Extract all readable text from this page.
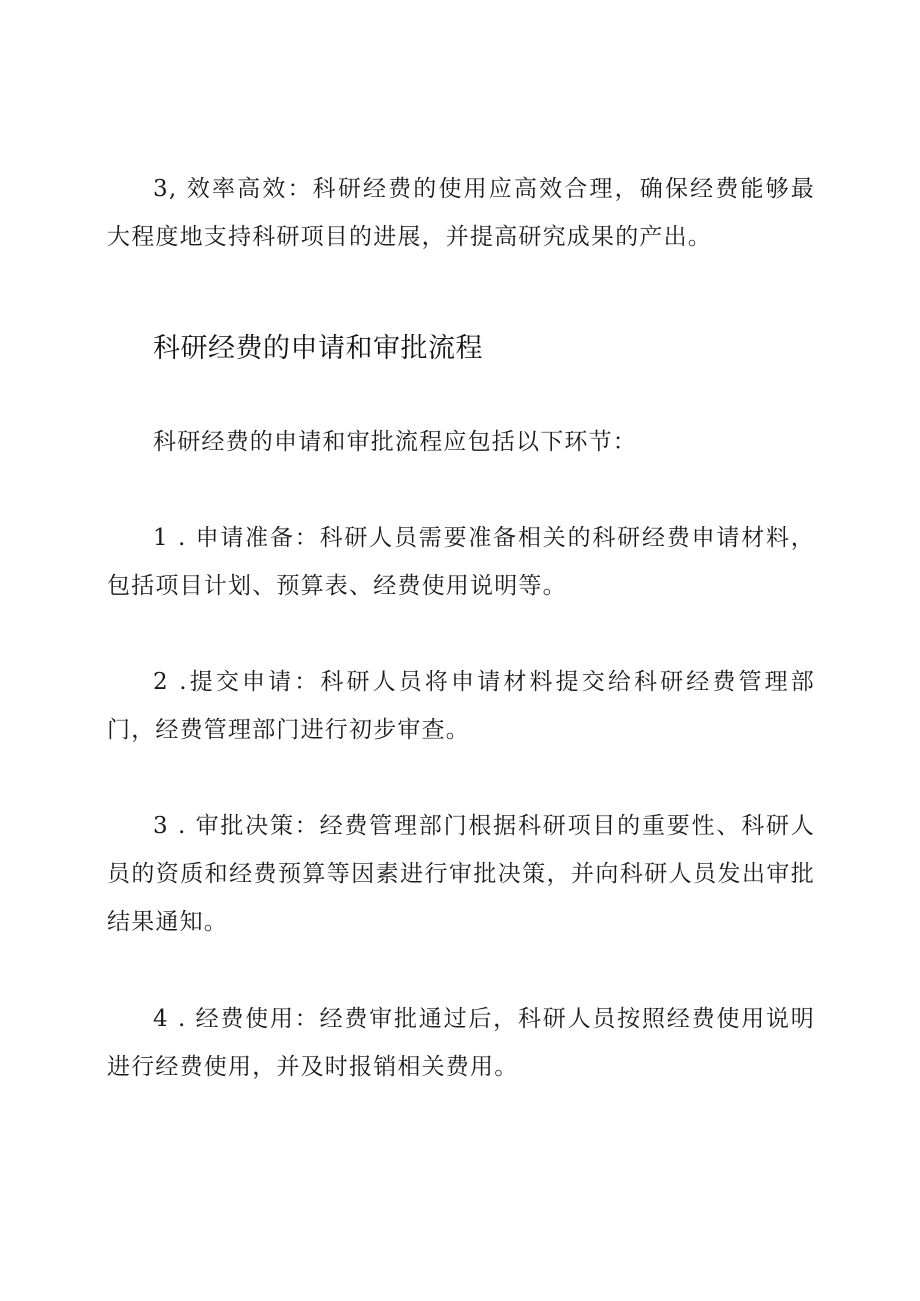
3, 效率高效：科研经费的使用应高效合理，确保经费能够最大程度地支持科研项目的进展，并提高研究成果的产出。

科研经费的申请和审批流程

科研经费的申请和审批流程应包括以下环节：

1 . 申请准备：科研人员需要准备相关的科研经费申请材料，包括项目计划、预算表、经费使用说明等。

2 .提交申请：科研人员将申请材料提交给科研经费管理部门，经费管理部门进行初步审查。

3 . 审批决策：经费管理部门根据科研项目的重要性、科研人员的资质和经费预算等因素进行审批决策，并向科研人员发出审批结果通知。

4 . 经费使用：经费审批通过后，科研人员按照经费使用说明进行经费使用，并及时报销相关费用。
